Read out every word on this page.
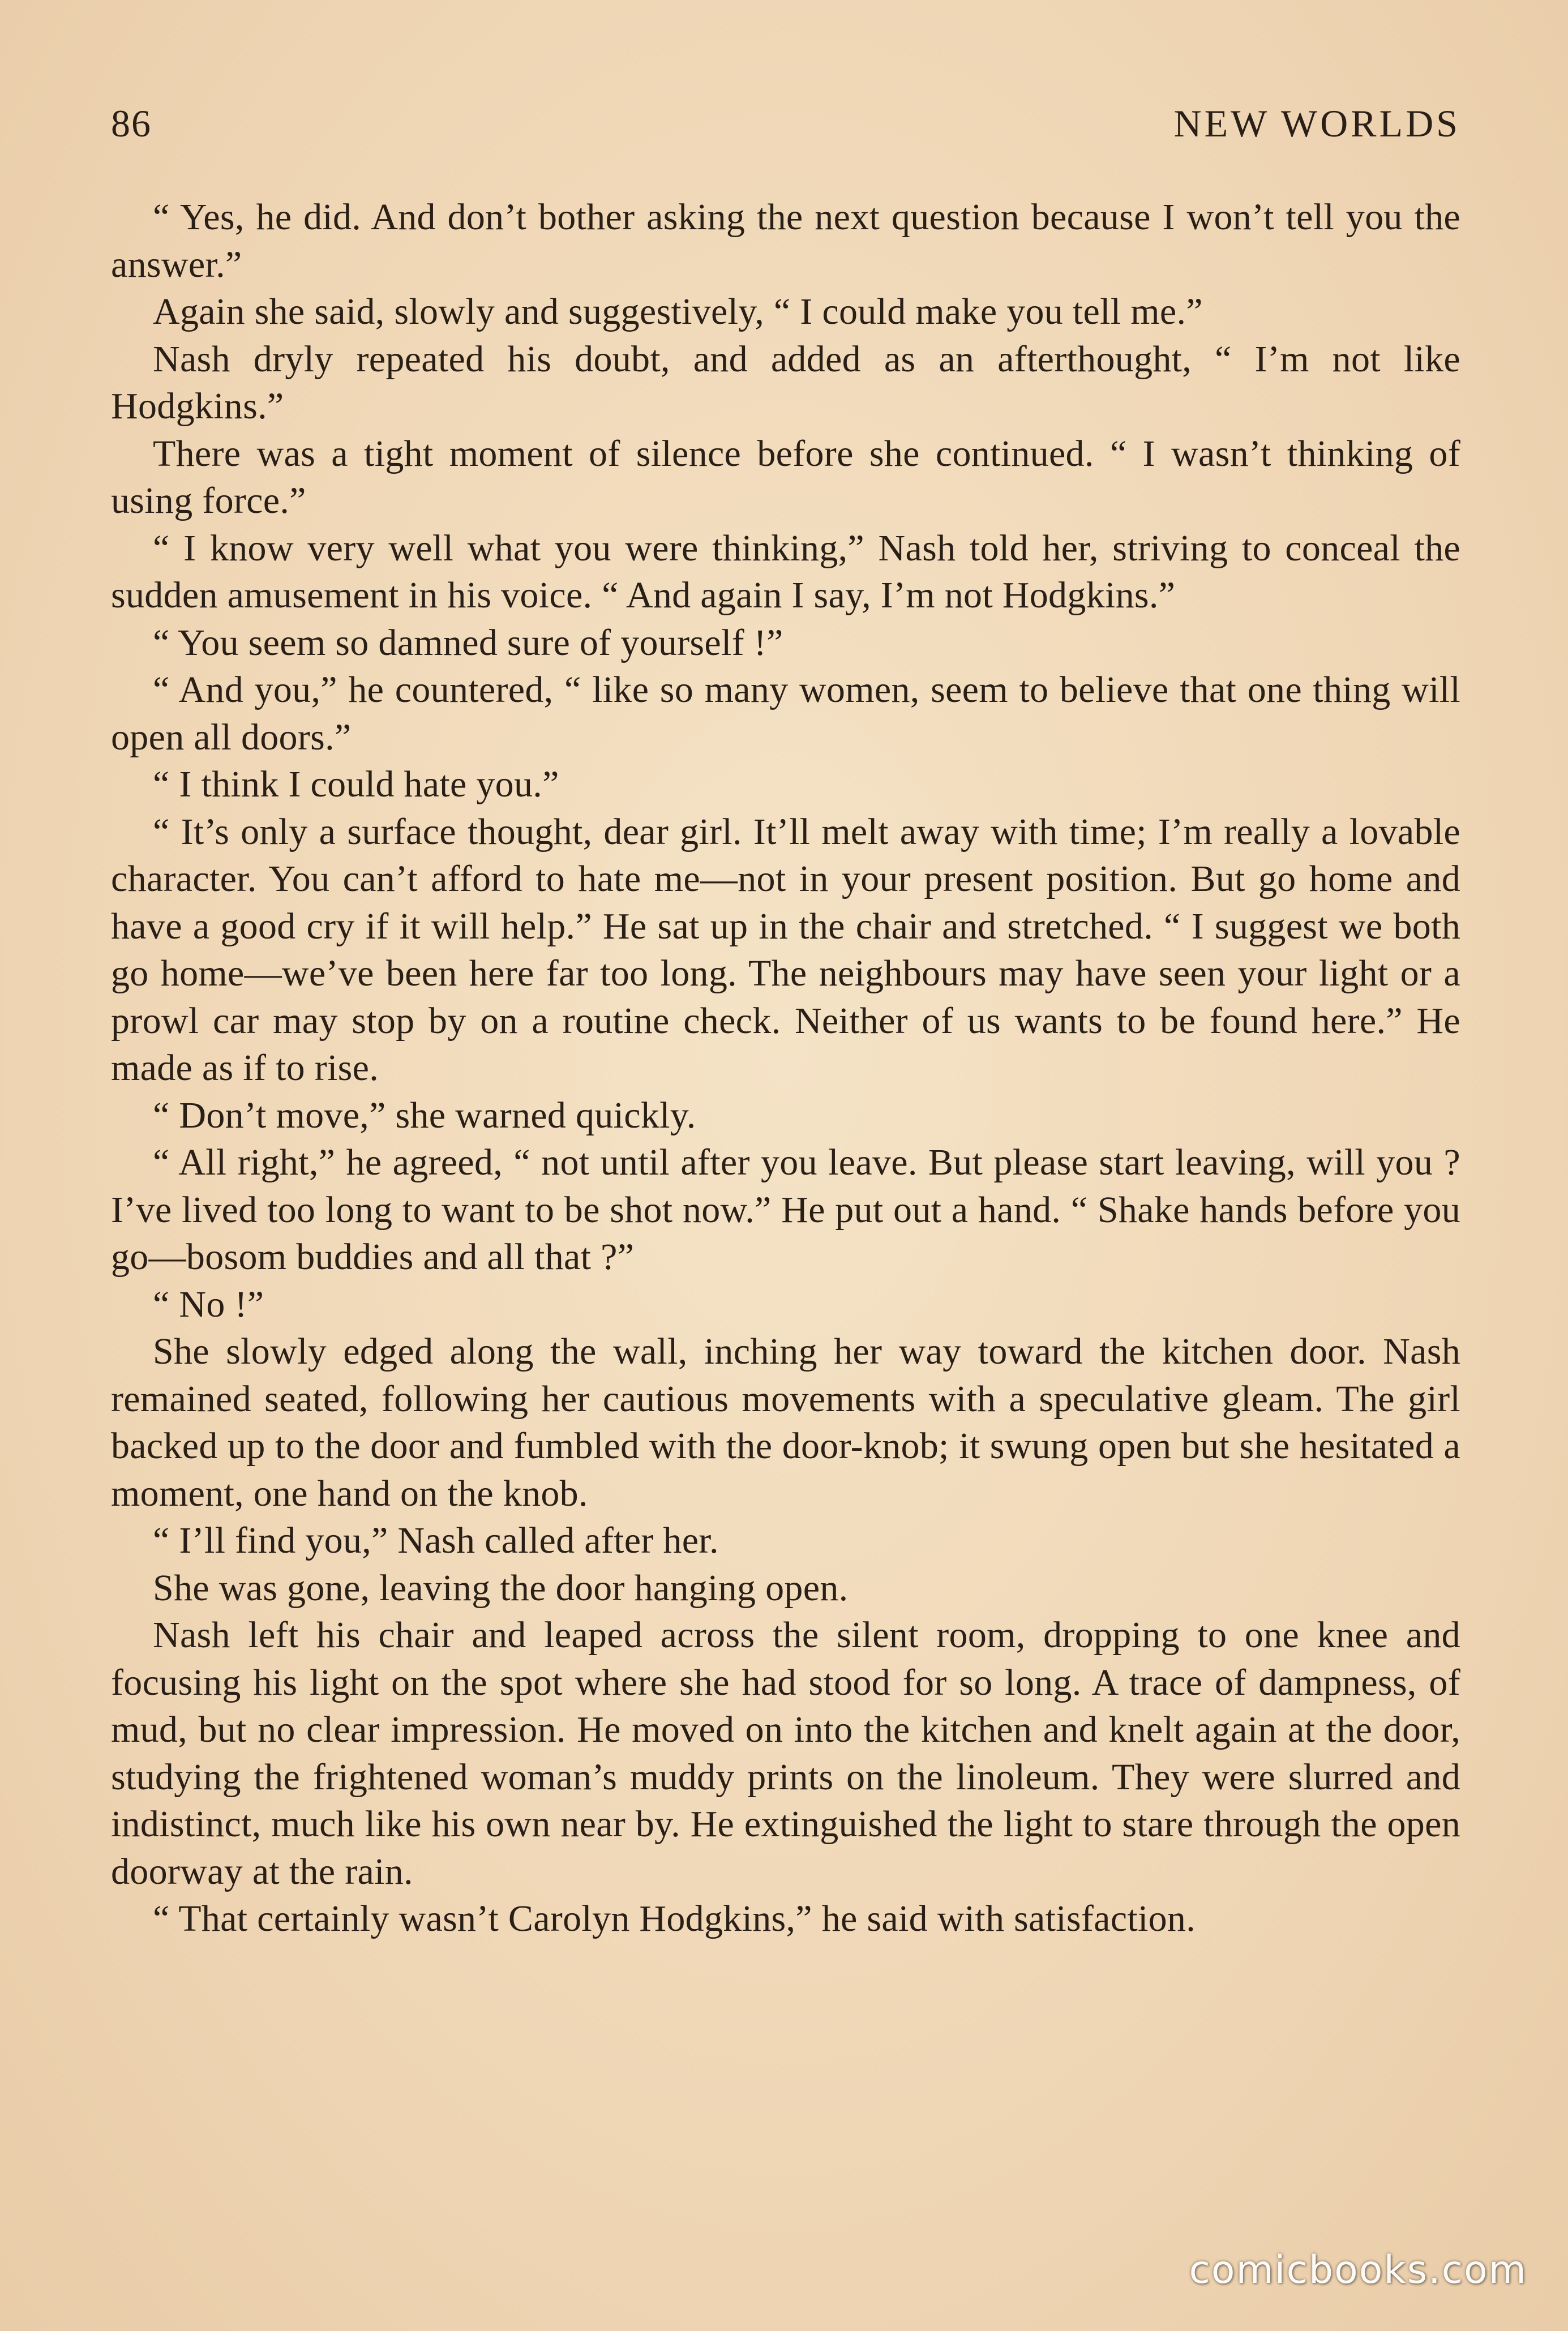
86	NEW WORLDS

“ Yes, he did. And don’t bother asking the next question because I won’t tell you the answer.”

Again she said, slowly and suggestively, “ I could make you tell me.”

Nash dryly repeated his doubt, and added as an afterthought, “ I’m not like Hodgkins.”

There was a tight moment of silence before she continued. “ I wasn’t thinking of using force.”

“ I know very well what you were thinking,” Nash told her, striving to conceal the sudden amusement in his voice. “ And again I say, I’m not Hodgkins.”

“ You seem so damned sure of yourself !”

“ And you,” he countered, “ like so many women, seem to believe that one thing will open all doors.”

“ I think I could hate you.”

“ It’s only a surface thought, dear girl. It’ll melt away with time; I’m really a lovable character. You can’t afford to hate me—not in your present position. But go home and have a good cry if it will help.” He sat up in the chair and stretched. “ I suggest we both go home—we’ve been here far too long. The neighbours may have seen your light or a prowl car may stop by on a routine check. Neither of us wants to be found here.” He made as if to rise.

“ Don’t move,” she warned quickly.

“ All right,” he agreed, “ not until after you leave. But please start leaving, will you ? I’ve lived too long to want to be shot now.” He put out a hand. “ Shake hands before you go—bosom buddies and all that ?”

“ No !”

She slowly edged along the wall, inching her way toward the kitchen door. Nash remained seated, following her cautious movements with a speculative gleam. The girl backed up to the door and fumbled with the door-knob; it swung open but she hesitated a moment, one hand on the knob.

“ I’ll find you,” Nash called after her.

She was gone, leaving the door hanging open.

Nash left his chair and leaped across the silent room, dropping to one knee and focusing his light on the spot where she had stood for so long. A trace of dampness, of mud, but no clear impression. He moved on into the kitchen and knelt again at the door, studying the frightened woman’s muddy prints on the linoleum. They were slurred and indistinct, much like his own near by. He extinguished the light to stare through the open doorway at the rain.

“ That certainly wasn’t Carolyn Hodgkins,” he said with satisfaction.

comicbooks.com
